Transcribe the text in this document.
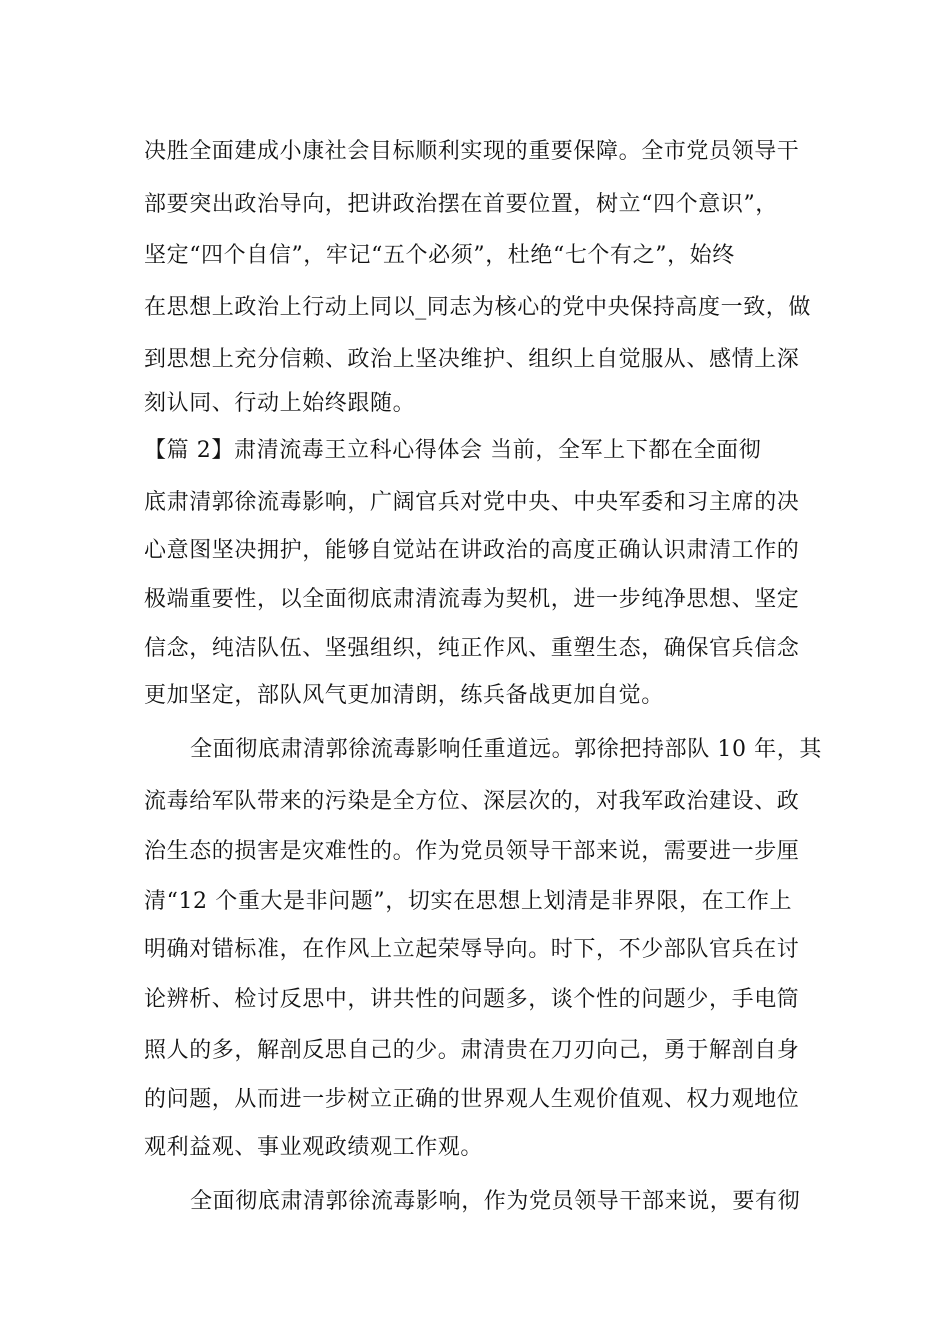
决胜全面建成小康社会目标顺利实现的重要保障。全市党员领导干
部要突出政治导向，把讲政治摆在首要位置，树立“四个意识”，
坚定“四个自信”，牢记“五个必须”，杜绝“七个有之”，始终
在思想上政治上行动上同以_同志为核心的党中央保持高度一致，做
到思想上充分信赖、政治上坚决维护、组织上自觉服从、感情上深
刻认同、行动上始终跟随。
【篇 2】肃清流毒王立科心得体会 当前，全军上下都在全面彻
底肃清郭徐流毒影响，广阔官兵对党中央、中央军委和习主席的决
心意图坚决拥护，能够自觉站在讲政治的高度正确认识肃清工作的
极端重要性，以全面彻底肃清流毒为契机，进一步纯净思想、坚定
信念，纯洁队伍、坚强组织，纯正作风、重塑生态，确保官兵信念
更加坚定，部队风气更加清朗，练兵备战更加自觉。
全面彻底肃清郭徐流毒影响任重道远。郭徐把持部队 10 年，其
流毒给军队带来的污染是全方位、深层次的，对我军政治建设、政
治生态的损害是灾难性的。作为党员领导干部来说，需要进一步厘
清“12 个重大是非问题”，切实在思想上划清是非界限，在工作上
明确对错标准，在作风上立起荣辱导向。时下，不少部队官兵在讨
论辨析、检讨反思中，讲共性的问题多，谈个性的问题少，手电筒
照人的多，解剖反思自己的少。肃清贵在刀刃向己，勇于解剖自身
的问题，从而进一步树立正确的世界观人生观价值观、权力观地位
观利益观、事业观政绩观工作观。
全面彻底肃清郭徐流毒影响，作为党员领导干部来说，要有彻
